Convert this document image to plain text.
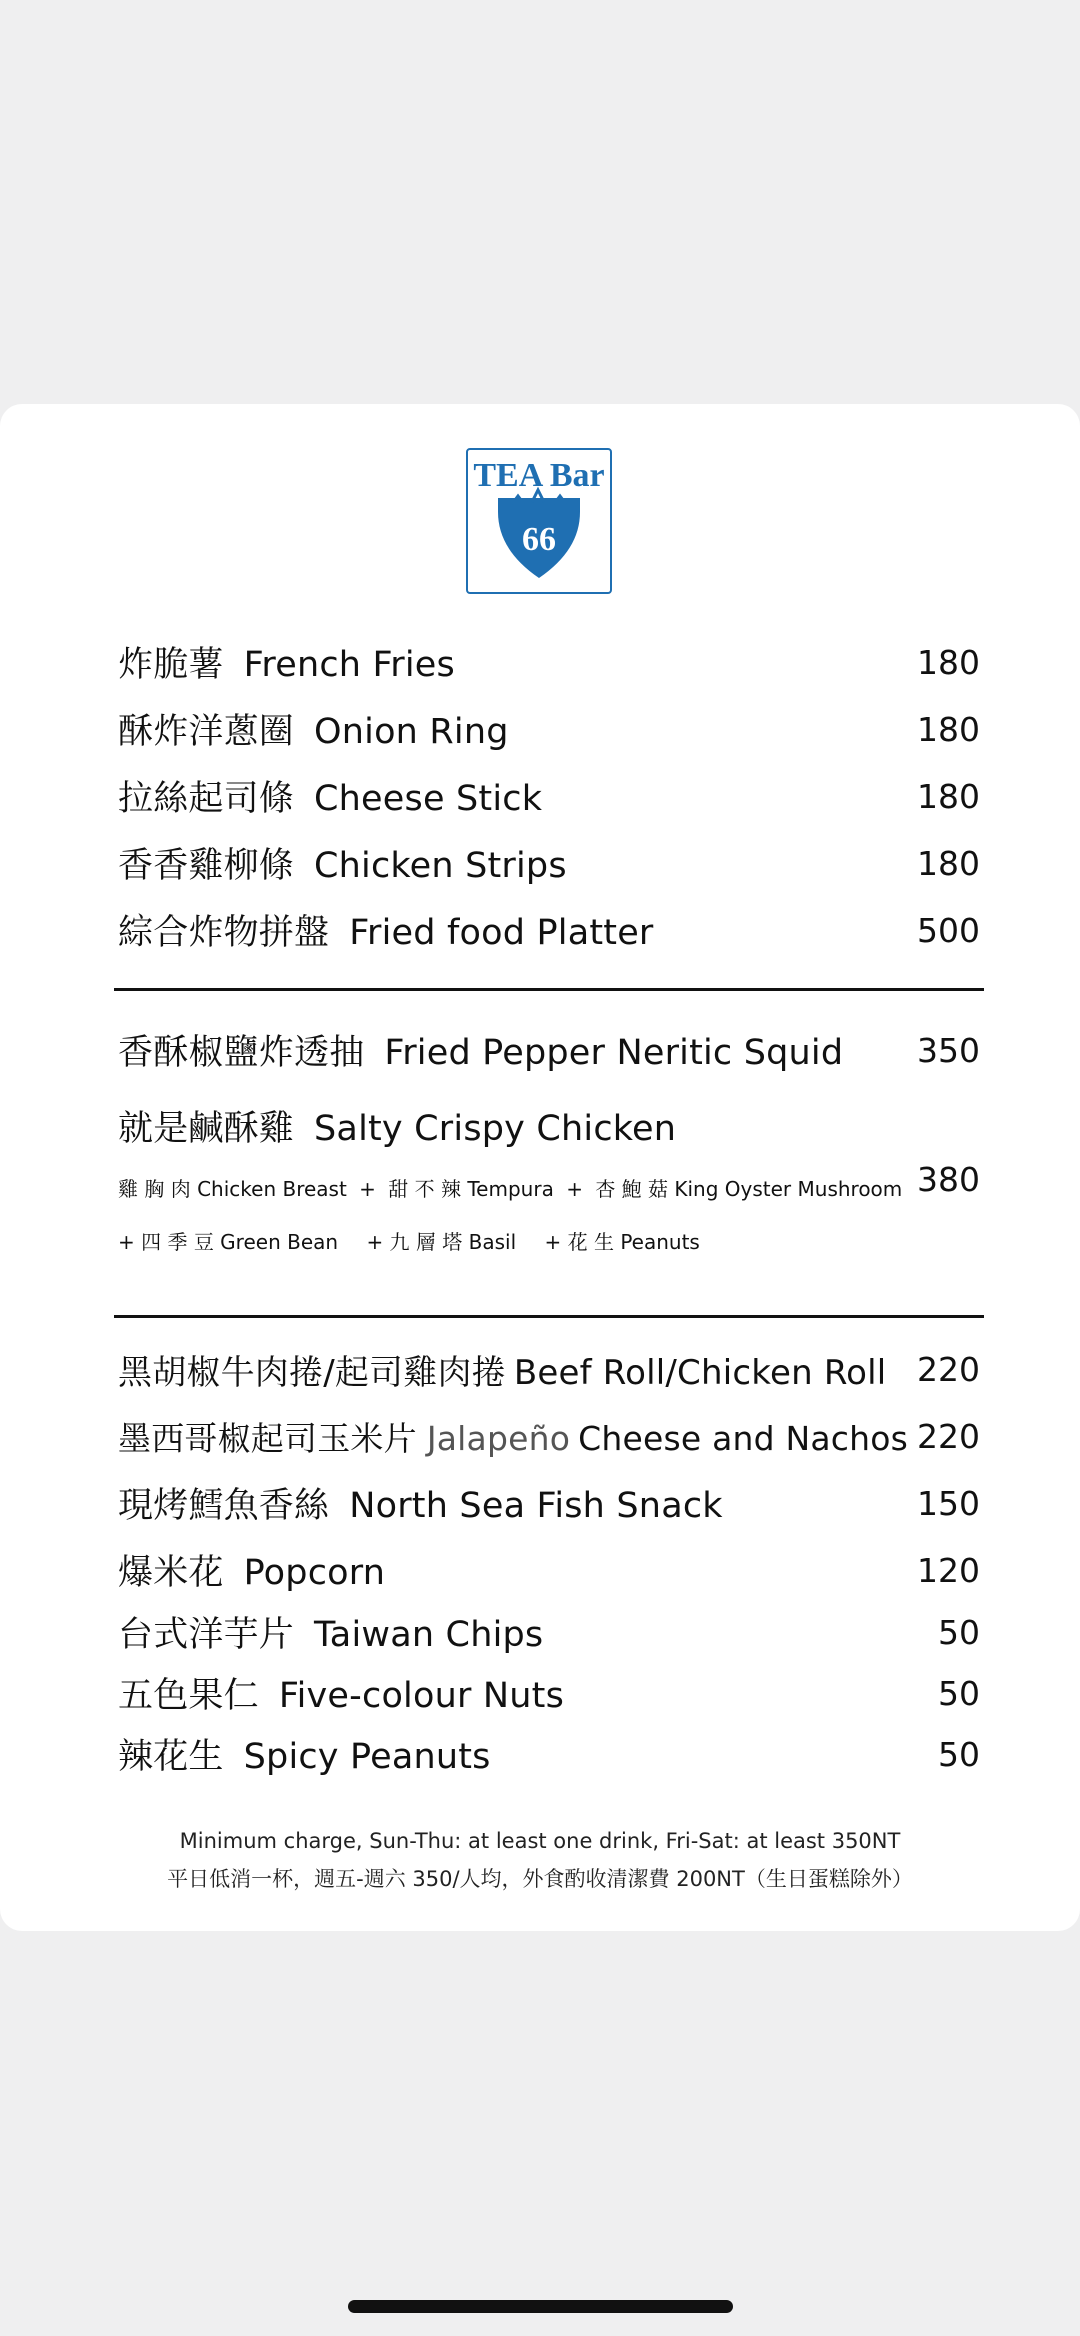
TEA Bar
66
炸脆薯 French Fries	180
酥炸洋蔥圈 Onion Ring	180
拉絲起司條 Cheese Stick	180
香香雞柳條 Chicken Strips	180
綜合炸物拼盤 Fried food Platter	500
香酥椒鹽炸透抽 Fried Pepper Neritic Squid 350
就是鹹酥雞 Salty Crispy Chicken
雞 胸 肉 Chicken Breast + 甜 不 辣 Tempura + 杏 鮑 菇 King Oyster Mushroom 380
+ 四 季 豆 Green Bean + 九 層 塔 Basil + 花 生 Peanuts
黑胡椒牛肉捲/起司雞肉捲 Beef Roll/Chicken Roll 220
墨西哥椒起司玉米片 Jalapeño Cheese and Nachos 220
現烤鱈魚香絲 North Sea Fish Snack	150
爆米花 Popcorn	120
台式洋芋片 Taiwan Chips	50
五色果仁 Five-colour Nuts	50
辣花生 Spicy Peanuts	50
Minimum charge, Sun-Thu: at least one drink, Fri-Sat: at least 350NT
平日低消一杯，週五-週六 350/人均，外食酌收清潔費 200NT（生日蛋糕除外）
